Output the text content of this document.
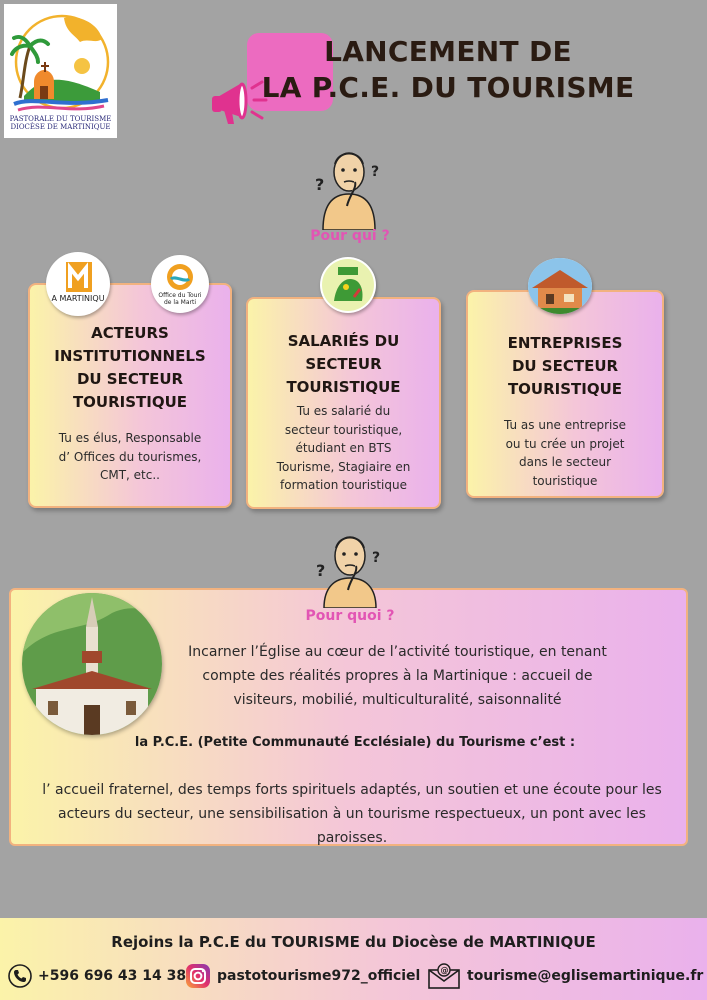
PASTORALE DU TOURISME
DIOCÈSE DE MARTINIQUE
LANCEMENT DE
LA P.C.E. DU TOURISME
?
?
Pour qui ?
ACTEURS
INSTITUTIONNELS
DU SECTEUR
TOURISTIQUE
Tu es élus, Responsable
d’ Offices du tourismes,
CMT, etc..
A MARTINIQU	Office du Touri
de la Marti
SALARIÉS DU
SECTEUR
TOURISTIQUE
Tu es salarié du
secteur touristique,
étudiant en BTS
Tourisme, Stagiaire en
formation touristique
ENTREPRISES
DU SECTEUR
TOURISTIQUE
Tu as une entreprise
ou tu crée un projet
dans le secteur
touristique
?
?
Pour quoi ?
Incarner l’Église au cœur de l’activité touristique, en tenant
compte des réalités propres à la Martinique : accueil de
visiteurs, mobilié, multiculturalité, saisonnalité
la P.C.E. (Petite Communauté Ecclésiale) du Tourisme c’est :
l’ accueil fraternel, des temps forts spirituels adaptés, un soutien et une écoute pour les
acteurs du secteur, une sensibilisation à un tourisme respectueux, un pont avec les
paroisses.
Rejoins la P.C.E du TOURISME du Diocèse de MARTINIQUE
+596 696 43 14 38 pastotourisme972_officiel	@ tourisme@eglisemartinique.fr
